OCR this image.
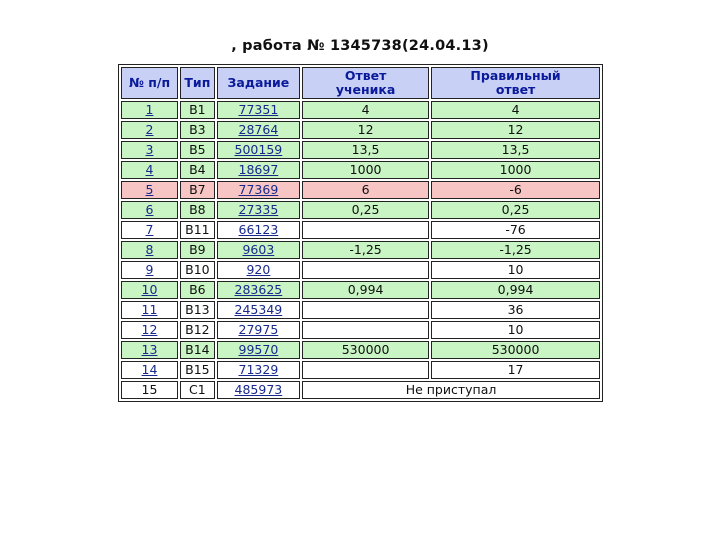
, работа № 1345738(24.04.13)
№ п/п	Тип	Задание	Ответ ученика	Правильный ответ
1	B1	77351	4	4
2	B3	28764	12	12
3	B5	500159	13,5	13,5
4	B4	18697	1000	1000
5	B7	77369	6	-6
6	B8	27335	0,25	0,25
7	B11	66123		-76
8	B9	9603	-1,25	-1,25
9	B10	920		10
10	B6	283625	0,994	0,994
11	B13	245349		36
12	B12	27975		10
13	B14	99570	530000	530000
14	B15	71329		17
15	C1	485973	Не приступал	
